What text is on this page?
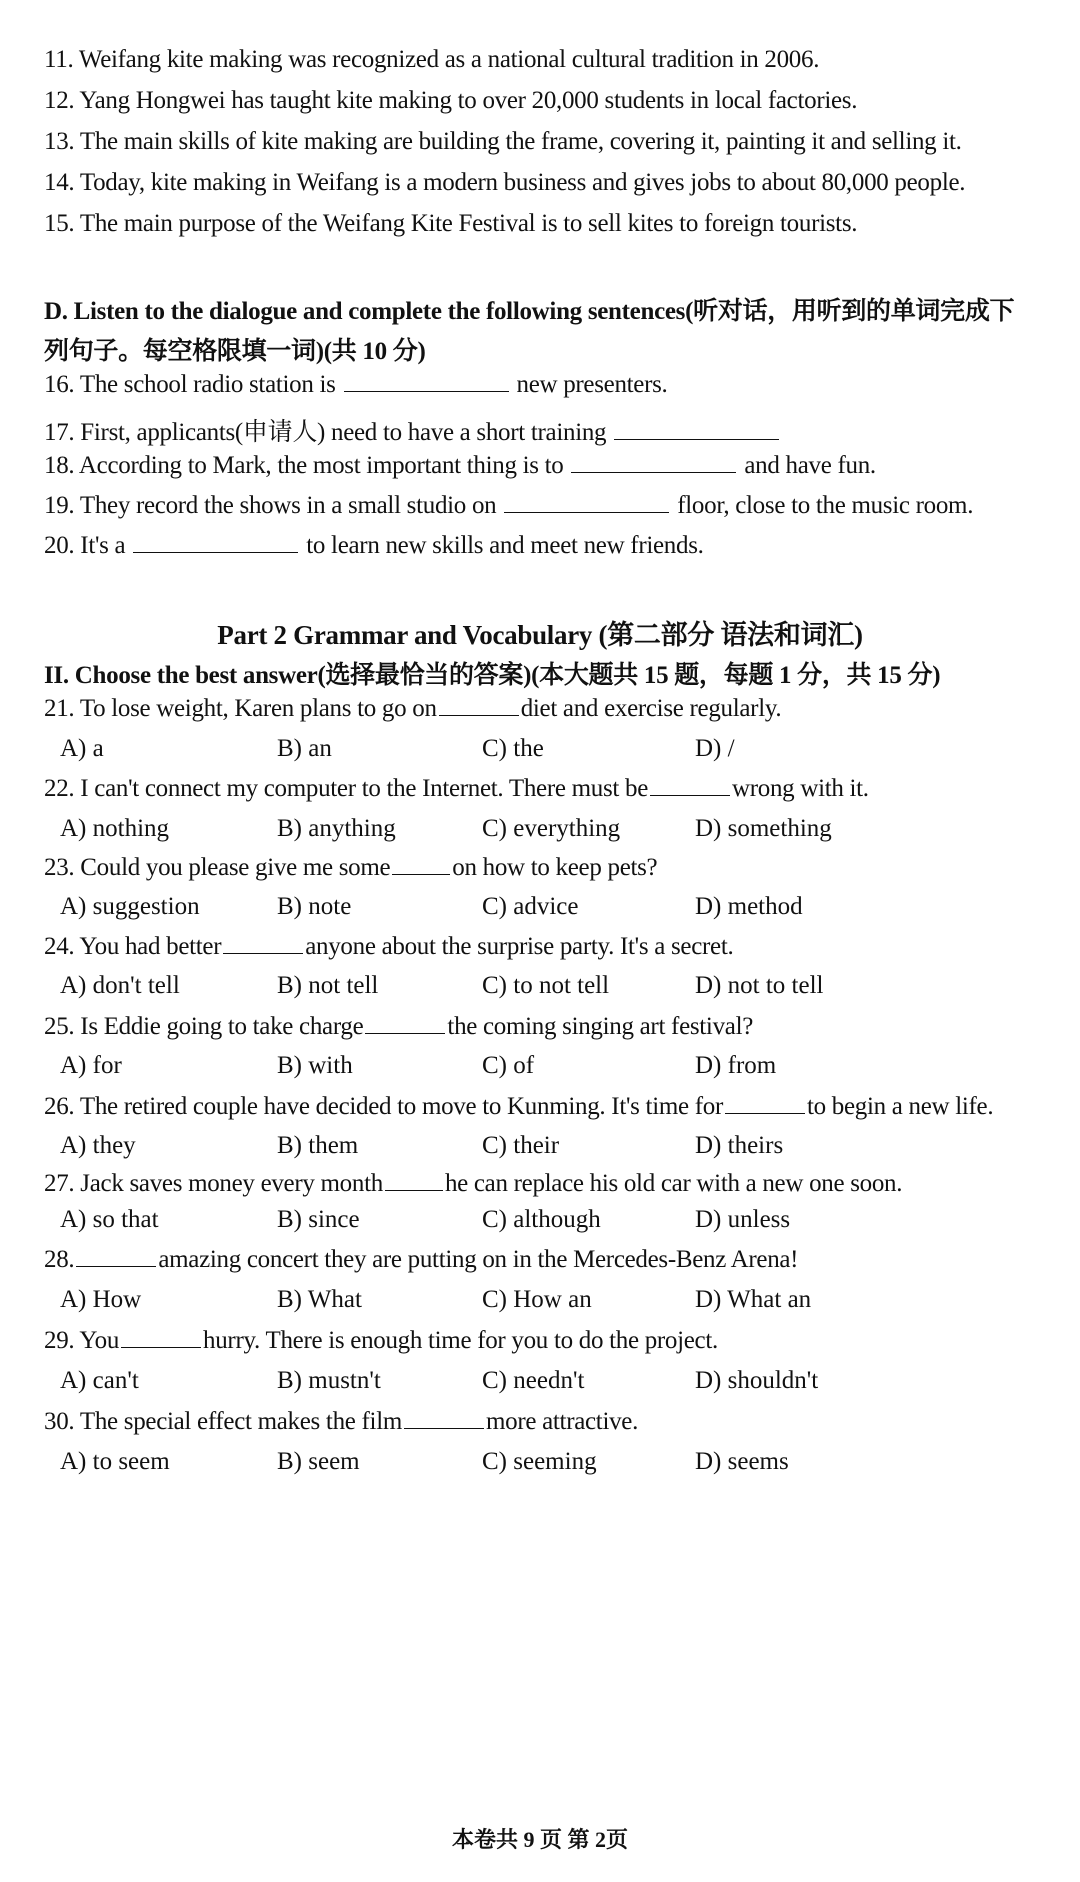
11. Weifang kite making was recognized as a national cultural tradition in 2006.
12. Yang Hongwei has taught kite making to over 20,000 students in local factories.
13. The main skills of kite making are building the frame, covering it, painting it and selling it.
14. Today, kite making in Weifang is a modern business and gives jobs to about 80,000 people.
15. The main purpose of the Weifang Kite Festival is to sell kites to foreign tourists.
D. Listen to the dialogue and complete the following sentences(听对话，用听到的单词完成下
列句子。每空格限填一词)(共 10 分)
16. The school radio station is	new presenters.
17. First, applicants(申请人) need to have a short training
18. According to Mark, the most important thing is to	and have fun.
19. They record the shows in a small studio on	floor, close to the music room.
20. It's a	to learn new skills and meet new friends.
Part 2 Grammar and Vocabulary (第二部分 语法和词汇)
II. Choose the best answer(选择最恰当的答案)(本大题共 15 题，每题 1 分，共 15 分)
21. To lose weight, Karen plans to go on	diet and exercise regularly.
A) a	B) an	C) the	D) /
22. I can't connect my computer to the Internet. There must be	wrong with it.
A) nothing	B) anything	C) everything	D) something
23. Could you please give me some on how to keep pets?
A) suggestion	B) note	C) advice	D) method
24. You had better	anyone about the surprise party. It's a secret.
A) don't tell	B) not tell	C) to not tell	D) not to tell
25. Is Eddie going to take charge	the coming singing art festival?
A) for	B) with	C) of	D) from
26. The retired couple have decided to move to Kunming. It's time for	to begin a new life.
A) they	B) them	C) their	D) theirs
27. Jack saves money every month he can replace his old car with a new one soon.
A) so that	B) since	C) although	D) unless
28.	amazing concert they are putting on in the Mercedes-Benz Arena!
A) How	B) What	C) How an	D) What an
29. You	hurry. There is enough time for you to do the project.
A) can't	B) mustn't	C) needn't	D) shouldn't
30. The special effect makes the film	more attractive.
A) to seem	B) seem	C) seeming	D) seems
本卷共 9 页 第 2页
